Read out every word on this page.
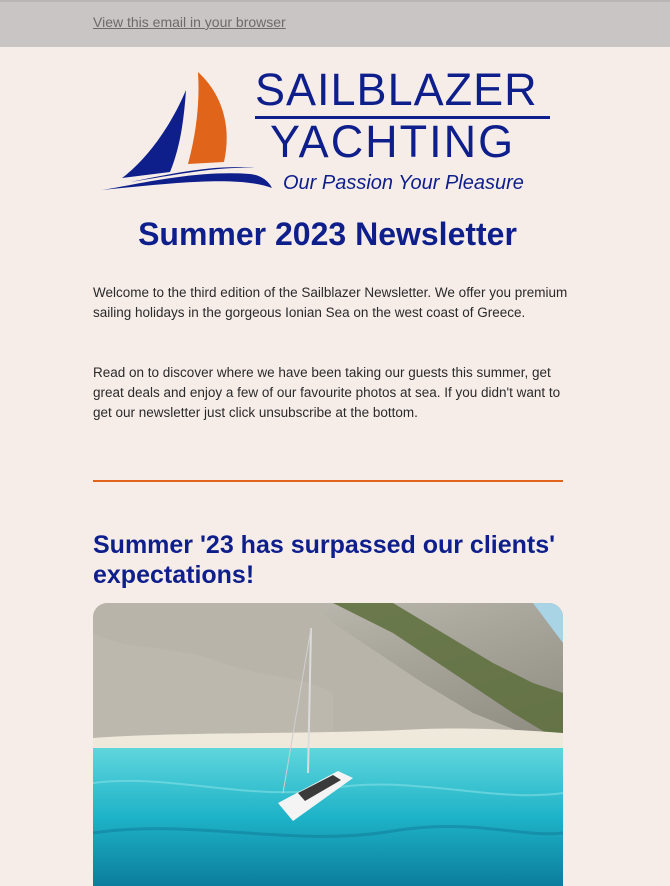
View this email in your browser
SAILBLAZER
YACHTING
Our Passion Your Pleasure
Summer 2023 Newsletter

Welcome to the third edition of the Sailblazer Newsletter. We offer you premium sailing holidays in the gorgeous Ionian Sea on the west coast of Greece.

Read on to discover where we have been taking our guests this summer, get great deals and enjoy a few of our favourite photos at sea. If you didn't want to get our newsletter just click unsubscribe at the bottom.

Summer '23 has surpassed our clients' expectations!
